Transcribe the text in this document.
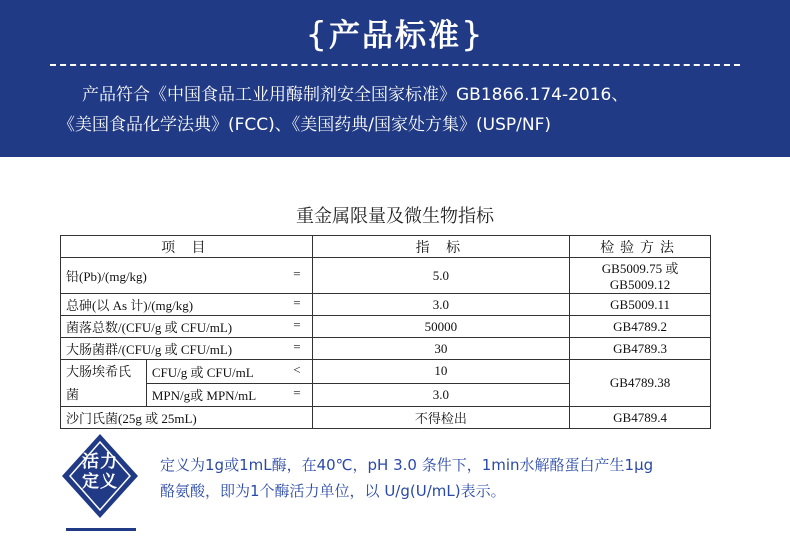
{产品标准}
产品符合《中国食品工业用酶制剂安全国家标准》GB1866.174-2016、
《美国食品化学法典》(FCC)、《美国药典/国家处方集》(USP/NF)
重金属限量及微生物指标
项 目		指 标	检验方法

铅(Pb)/(mg/kg) =		5.0	GB5009.75 或 GB5009.12

总砷(以 As 计)/(mg/kg) =		3.0	GB5009.11

菌落总数/(CFU/g 或 CFU/mL) =		50000	GB4789.2

大肠菌群/(CFU/g 或 CFU/mL) =		30	GB4789.3
大肠埃希氏
菌	CFU/g 或 CFU/mL <	10	GB4789.38

	MPN/g或 MPN/mL =	3.0	
沙门氏菌(25g 或 25mL)		不得检出	GB4789.4
活力
定义
定义为1g或1mL酶，在40℃，pH 3.0 条件下，1min水解酪蛋白产生1μg
酪氨酸，即为1个酶活力单位，以 U/g(U/mL)表示。
